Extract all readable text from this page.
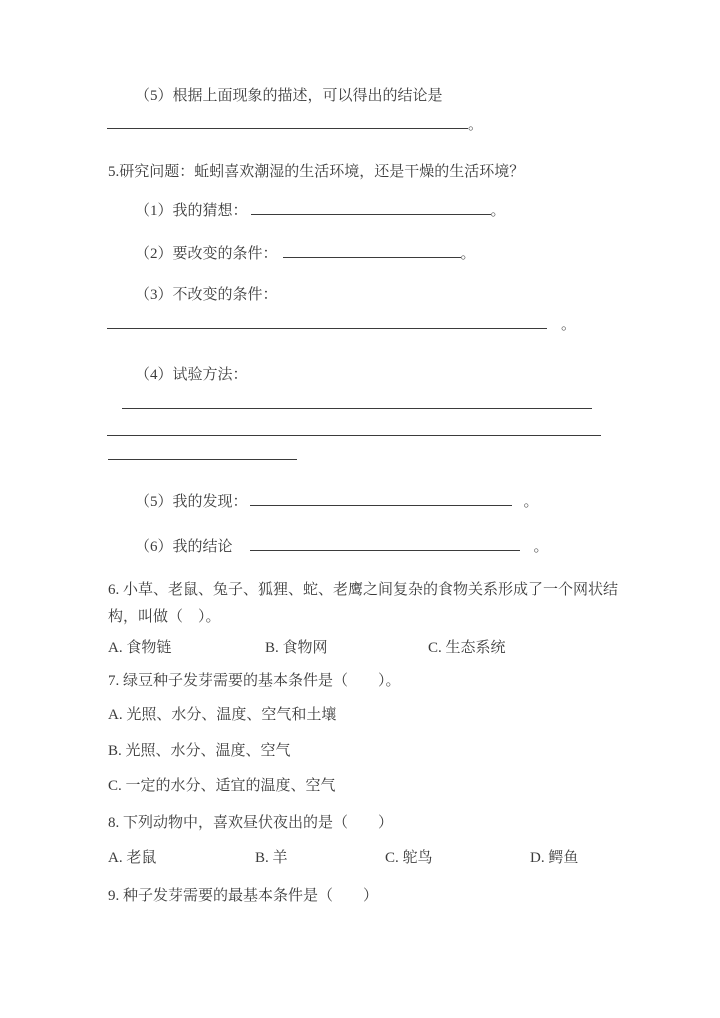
（5）根据上面现象的描述，可以得出的结论是
。
5.研究问题：蚯蚓喜欢潮湿的生活环境，还是干燥的生活环境？
（1）我的猜想：	。
（2）要改变的条件：	。
（3）不改变的条件：
。
（4）试验方法：
（5）我的发现：	。
（6）我的结论	。
6. 小草、老鼠、兔子、狐狸、蛇、老鹰之间复杂的食物关系形成了一个网状结构，叫做（　）。
A. 食物链	B. 食物网	C. 生态系统
7. 绿豆种子发芽需要的基本条件是（　　）。
A. 光照、水分、温度、空气和土壤
B. 光照、水分、温度、空气
C. 一定的水分、适宜的温度、空气
8. 下列动物中，喜欢昼伏夜出的是（　　）
A. 老鼠	B. 羊	C. 鸵鸟	D. 鳄鱼
9. 种子发芽需要的最基本条件是（　　）
